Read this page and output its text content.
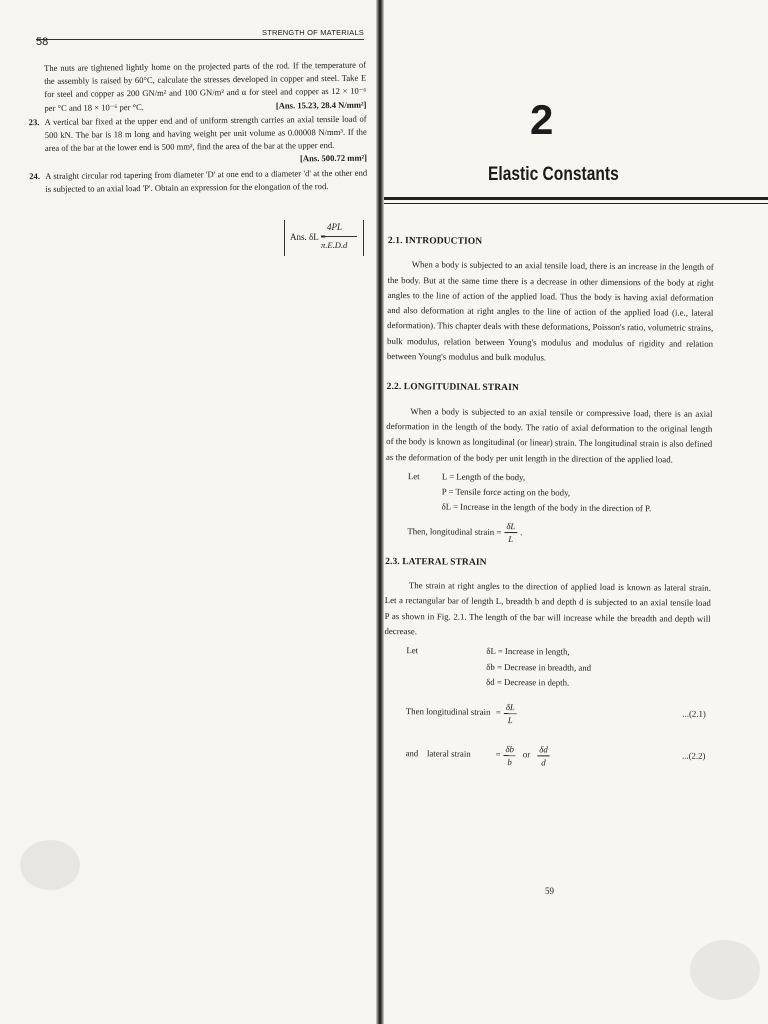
STRENGTH OF MATERIALS
58

The nuts are tightened lightly home on the projected parts of the rod. If the temperature of the assembly is raised by 60°C, calculate the stresses developed in copper and steel. Take E for steel and copper as 200 GN/m² and 100 GN/m² and α for steel and copper as 12 × 10⁻⁶ per °C and 18 × 10⁻⁶ per °C.	[Ans. 15.23, 28.4 N/mm²]

23. A vertical bar fixed at the upper end and of uniform strength carries an axial tensile load of 500 kN. The bar is 18 m long and having weight per unit volume as 0.00008 N/mm³. If the area of the bar at the lower end is 500 mm², find the area of the bar at the upper end.
[Ans. 500.72 mm²]
24. A straight circular rod tapering from diameter 'D' at one end to a diameter 'd' at the other end is subjected to an axial load 'P'. Obtain an expression for the elongation of the rod.
Ans. δL =
4PL
π.E.D.d
2
Elastic Constants
2.1. INTRODUCTION

When a body is subjected to an axial tensile load, there is an increase in the length of the body. But at the same time there is a decrease in other dimensions of the body at right angles to the line of action of the applied load. Thus the body is having axial deformation and also deformation at right angles to the line of action of the applied load (i.e., lateral deformation). This chapter deals with these deformations, Poisson's ratio, volumetric strains, bulk modulus, relation between Young's modulus and modulus of rigidity and relation between Young's modulus and bulk modulus.

2.2. LONGITUDINAL STRAIN

When a body is subjected to an axial tensile or compressive load, there is an axial deformation in the length of the body. The ratio of axial deformation to the original length of the body is known as longitudinal (or linear) strain. The longitudinal strain is also defined as the deformation of the body per unit length in the direction of the applied load.

Let	L = Length of the body,
P = Tensile force acting on the body,
δL = Increase in the length of the body in the direction of P.
Then, longitudinal strain = $\frac{\delta L}{L}$ .
2.3. LATERAL STRAIN

The strain at right angles to the direction of applied load is known as lateral strain. Let a rectangular bar of length L, breadth b and depth d is subjected to an axial tensile load P as shown in Fig. 2.1. The length of the bar will increase while the breadth and depth will decrease.

Let	δL = Increase in length,
δb = Decrease in breadth, and
δd = Decrease in depth.
Then longitudinal strain = $\frac{\delta L}{L}$	...(2.1)
and    lateral strain	= $\frac{\delta b}{b}$ or $\frac{\delta d}{d}$	...(2.2)
59
